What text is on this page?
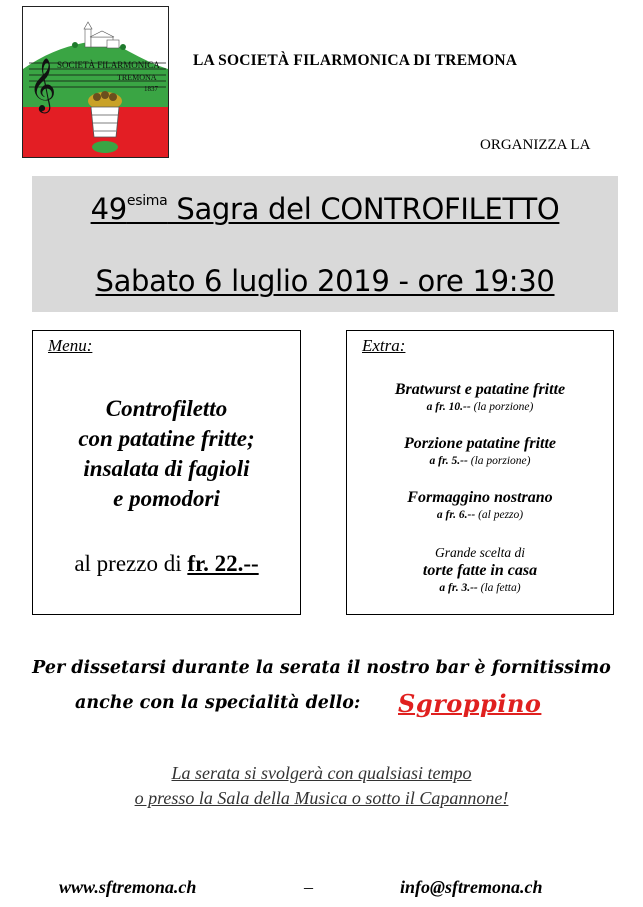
𝄞 SOCIETÀ FILARMONICA
TREMONA
1837
LA SOCIETÀ FILARMONICA DI TREMONA
ORGANIZZA LA
$49^{esima}$ Sagra del CONTROFILETTO
Sabato 6 luglio 2019 - ore 19:30
Menu:
Controfiletto
con patatine fritte;
insalata di fagioli
e pomodori
al prezzo di fr. 22.--
Extra:
Bratwurst e patatine fritte
a fr. 10.-- (la porzione)
Porzione patatine fritte
a fr. 5.-- (la porzione)
Formaggino nostrano
a fr. 6.-- (al pezzo)
Grande scelta di
torte fatte in casa
a fr. 3.-- (la fetta)
Per dissetarsi durante la serata il nostro bar è fornitissimo
anche con la specialità dello: Sgroppino
La serata si svolgerà con qualsiasi tempo
o presso la Sala della Musica o sotto il Capannone!
www.sftremona.ch	–	info@sftremona.ch
